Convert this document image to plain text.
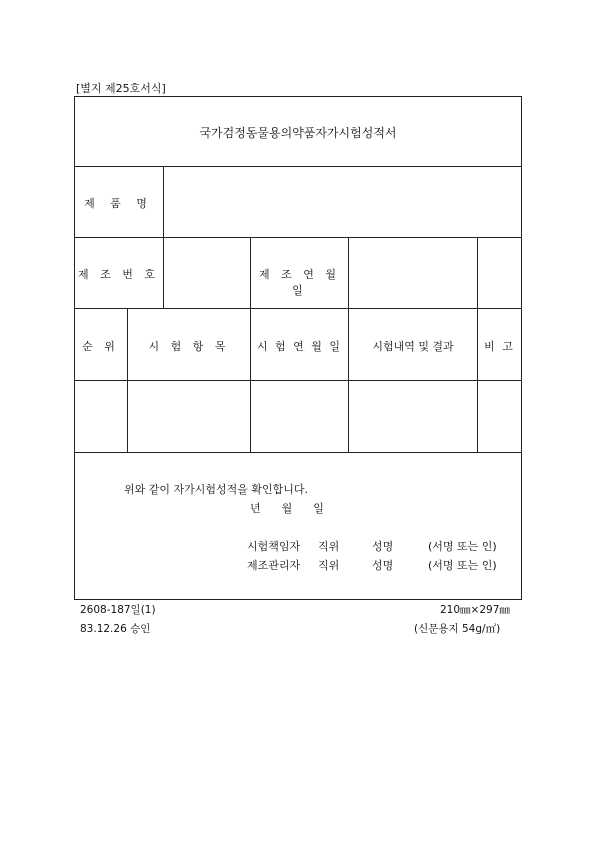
[별지 제25호서식]
국가검정동물용의약품자가시험성적서
제 품 명
제 조 번 호	제 조 연 월 일
순 위	시 험 항 목	시 험 연 월 일	시험내역 및 결과	비 고
위와 같이 자가시험성적을 확인합니다.
년      월      일
시험책임자 직위	성명	(서명 또는 인)
제조관리자 직위	성명	(서명 또는 인)
2608-187일(1)	210㎜×297㎜
83.12.26 승인	(신문용지 54g/㎡)
